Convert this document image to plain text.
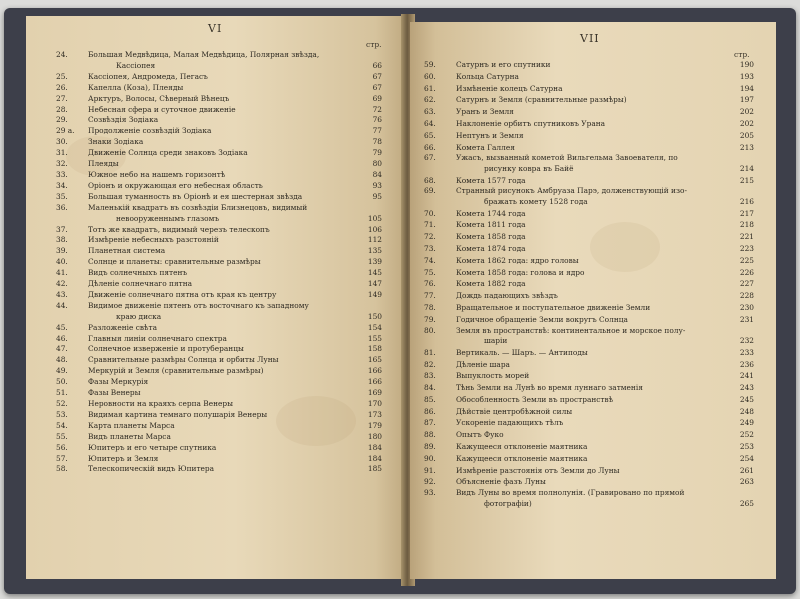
VI
стр.
24.	Большая Медвѣдица, Малая Медвѣдица, Полярная звѣзда,
Кассіопея	66
25.	Кассіопея, Андромеда, Пегасъ	67
26.	Капелла (Коза), Плеяды	67
27.	Арктуръ, Волосы, Сѣверный Вѣнецъ	69
28.	Небесная сфера и суточное движеніе	72
29.	Созвѣздія Зодіака	76
29 а.	Продолженіе созвѣздій Зодіака	77
30.	Знаки Зодіака	78
31.	Движеніе Солнца среди знаковъ Зодіака	79
32.	Плеяды	80
33.	Южное небо на нашемъ горизонтѣ	84
34.	Оріонъ и окружающая его небесная область	93
35.	Большая туманность въ Оріонѣ и ея шестерная звѣзда	95
36.	Маленькій квадратъ въ созвѣздіи Близнецовъ, видимый
невооруженнымъ глазомъ	105
37.	Тотъ же квадратъ, видимый черезъ телескопъ	106
38.	Измѣреніе небесныхъ разстояній	112
39.	Планетная система	135
40.	Солнце и планеты: сравнительные размѣры	139
41.	Видъ солнечныхъ пятенъ	145
42.	Дѣленіе солнечнаго пятна	147
43.	Движеніе солнечнаго пятна отъ края къ центру	149
44.	Видимое движеніе пятенъ отъ восточнаго къ западному
краю диска	150
45.	Разложеніе свѣта	154
46.	Главныя линіи солнечнаго спектра	155
47.	Солнечное изверженіе и протуберанцы	158
48.	Сравнительные размѣры Солнца и орбиты Луны	165
49.	Меркурій и Земля (сравнительные размѣры)	166
50.	Фазы Меркурія	166
51.	Фазы Венеры	169
52.	Неровности на краяхъ серпа Венеры	170
53.	Видимая картина темнаго полушарія Венеры	173
54.	Карта планеты Марса	179
55.	Видъ планеты Марса	180
56.	Юпитеръ и его четыре спутника	184
57.	Юпитеръ и Земля	184
58.	Телескопическій видъ Юпитера	185
VII
стр.
59.	Сатурнъ и его спутники	190
60.	Кольца Сатурна	193
61.	Измѣненіе колецъ Сатурна	194
62.	Сатурнъ и Земля (сравнительные размѣры)	197
63.	Уранъ и Земля	202
64.	Наклоненіе орбитъ спутниковъ Урана	202
65.	Нептунъ и Земля	205
66.	Комета Галлея	213
67.	Ужасъ, вызванный кометой Вильгельма Завоевателя, по
рисунку ковра въ Байё	214
68.	Комета 1577 года	215
69.	Странный рисунокъ Амбруаза Парэ, долженствующій изо-
бражать комету 1528 года	216
70.	Комета 1744 года	217
71.	Комета 1811 года	218
72.	Комета 1858 года	221
73.	Комета 1874 года	223
74.	Комета 1862 года: ядро головы	225
75.	Комета 1858 года: голова и ядро	226
76.	Комета 1882 года	227
77.	Дождь падающихъ звѣздъ	228
78.	Вращательное и поступательное движеніе Земли	230
79.	Годичное обращеніе Земли вокругъ Солнца	231
80.	Земля въ пространствѣ: континентальное и морское полу-
шаріи	232
81.	Вертикаль. — Шаръ. — Антиподы	233
82.	Дѣленіе шара	236
83.	Выпуклость морей	241
84.	Тѣнь Земли на Лунѣ во время луннаго затменія	243
85.	Обособленность Земли въ пространствѣ	245
86.	Дѣйствіе центробѣжной силы	248
87.	Ускореніе падающихъ тѣлъ	249
88.	Опытъ Фуко	252
89.	Кажущееся отклоненіе маятника	253
90.	Кажущееся отклоненіе маятника	254
91.	Измѣреніе разстоянія отъ Земли до Луны	261
92.	Объясненіе фазъ Луны	263
93.	Видъ Луны во время полнолунія. (Гравировано по прямой
фотографіи)	265
